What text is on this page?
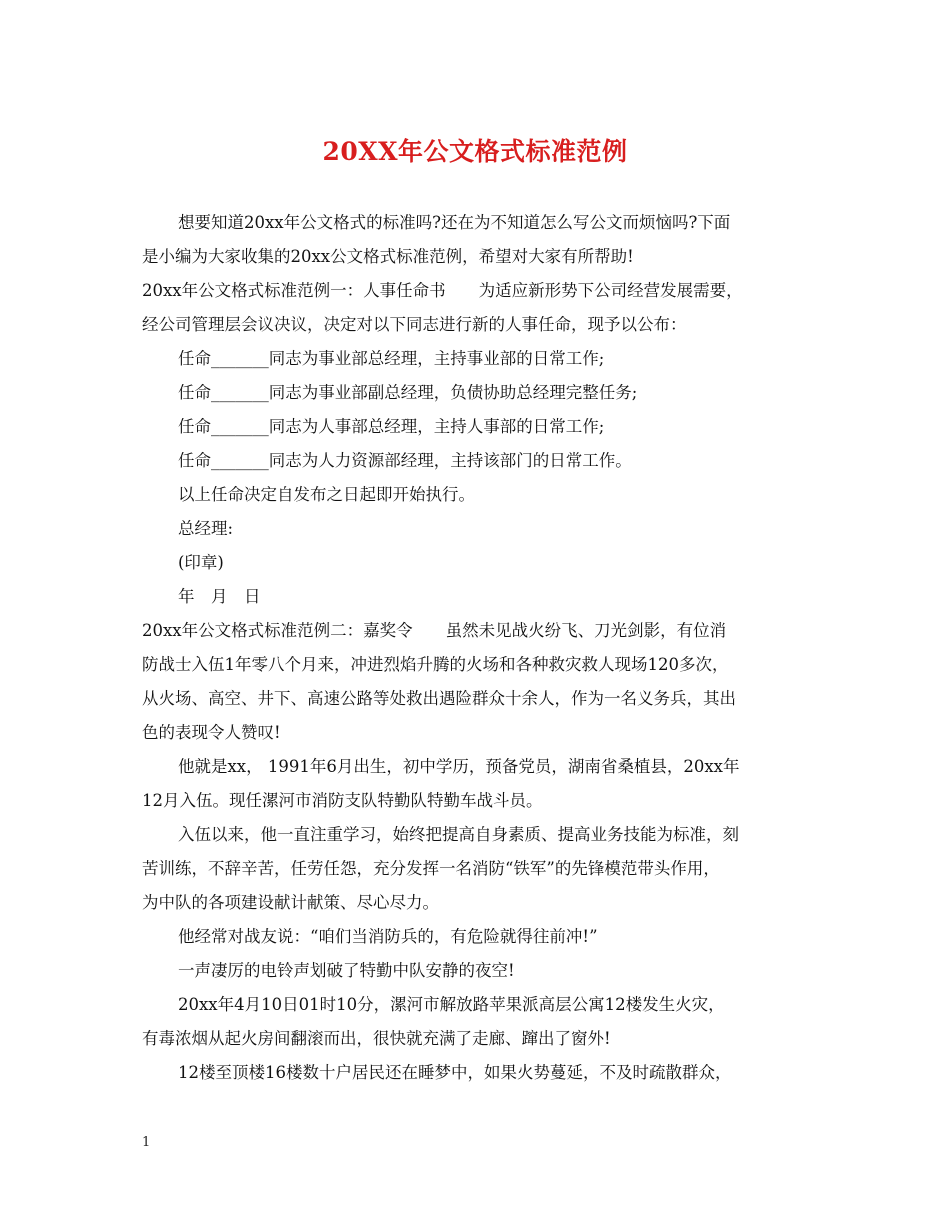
20XX年公文格式标准范例

想要知道20xx年公文格式的标准吗?还在为不知道怎么写公文而烦恼吗?下面
是小编为大家收集的20xx公文格式标准范例，希望对大家有所帮助!

20xx年公文格式标准范例一：人事任命书　　为适应新形势下公司经营发展需要，
经公司管理层会议决议，决定对以下同志进行新的人事任命，现予以公布：

任命_______同志为事业部总经理，主持事业部的日常工作;

任命_______同志为事业部副总经理，负债协助总经理完整任务;

任命_______同志为人事部总经理，主持人事部的日常工作;

任命_______同志为人力资源部经理，主持该部门的日常工作。

以上任命决定自发布之日起即开始执行。

总经理:

(印章)

年　月　日

20xx年公文格式标准范例二：嘉奖令　　虽然未见战火纷飞、刀光剑影，有位消
防战士入伍1年零八个月来，冲进烈焰升腾的火场和各种救灾救人现场120多次，
从火场、高空、井下、高速公路等处救出遇险群众十余人，作为一名义务兵，其出
色的表现令人赞叹!

他就是xx， 1991年6月出生，初中学历，预备党员，湖南省桑植县，20xx年
12月入伍。现任漯河市消防支队特勤队特勤车战斗员。

入伍以来，他一直注重学习，始终把提高自身素质、提高业务技能为标准，刻
苦训练，不辞辛苦，任劳任怨，充分发挥一名消防“铁军”的先锋模范带头作用，
为中队的各项建设献计献策、尽心尽力。

他经常对战友说：“咱们当消防兵的，有危险就得往前冲!”

一声凄厉的电铃声划破了特勤中队安静的夜空!

20xx年4月10日01时10分，漯河市解放路苹果派高层公寓12楼发生火灾，
有毒浓烟从起火房间翻滚而出，很快就充满了走廊、蹿出了窗外!

12楼至顶楼16楼数十户居民还在睡梦中，如果火势蔓延，不及时疏散群众，

1
